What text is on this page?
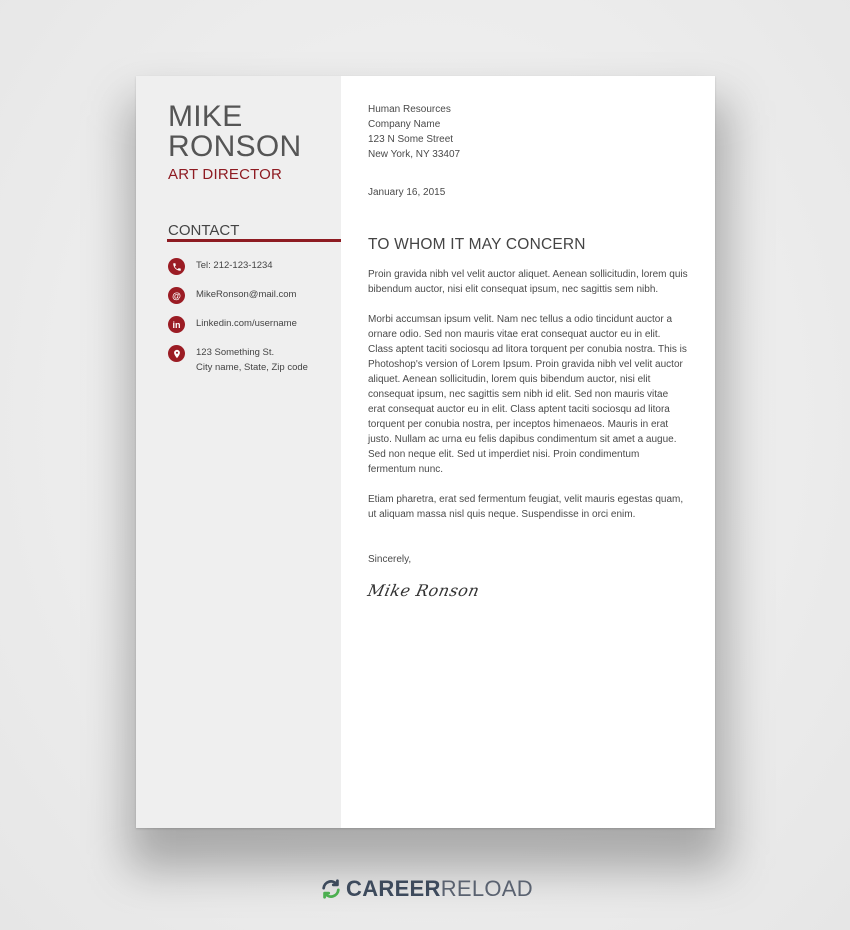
MIKE
RONSON
ART DIRECTOR
CONTACT
Tel: 212-123-1234
@	MikeRonson@mail.com
in	Linkedin.com/username
123 Something St.
City name, State, Zip code
Human Resources
Company Name
123 N Some Street
New York, NY 33407
January 16, 2015
TO WHOM IT MAY CONCERN
Proin gravida nibh vel velit auctor aliquet. Aenean sollicitudin, lorem quis bibendum auctor, nisi elit consequat ipsum, nec sagittis sem nibh.
Morbi accumsan ipsum velit. Nam nec tellus a odio tincidunt auctor a ornare odio. Sed non mauris vitae erat consequat auctor eu in elit. Class aptent taciti sociosqu ad litora torquent per conubia nostra. This is Photoshop's version of Lorem Ipsum. Proin gravida nibh vel velit auctor aliquet. Aenean sollicitudin, lorem quis bibendum auctor, nisi elit consequat ipsum, nec sagittis sem nibh id elit. Sed non mauris vitae erat consequat auctor eu in elit. Class aptent taciti sociosqu ad litora torquent per conubia nostra, per inceptos himenaeos. Mauris in erat justo. Nullam ac urna eu felis dapibus condimentum sit amet a augue. Sed non neque elit. Sed ut imperdiet nisi. Proin condimentum fermentum nunc.
Etiam pharetra, erat sed fermentum feugiat, velit mauris egestas quam, ut aliquam massa nisl quis neque. Suspendisse in orci enim.
Sincerely,
Mike Ronson
CAREER RELOAD
